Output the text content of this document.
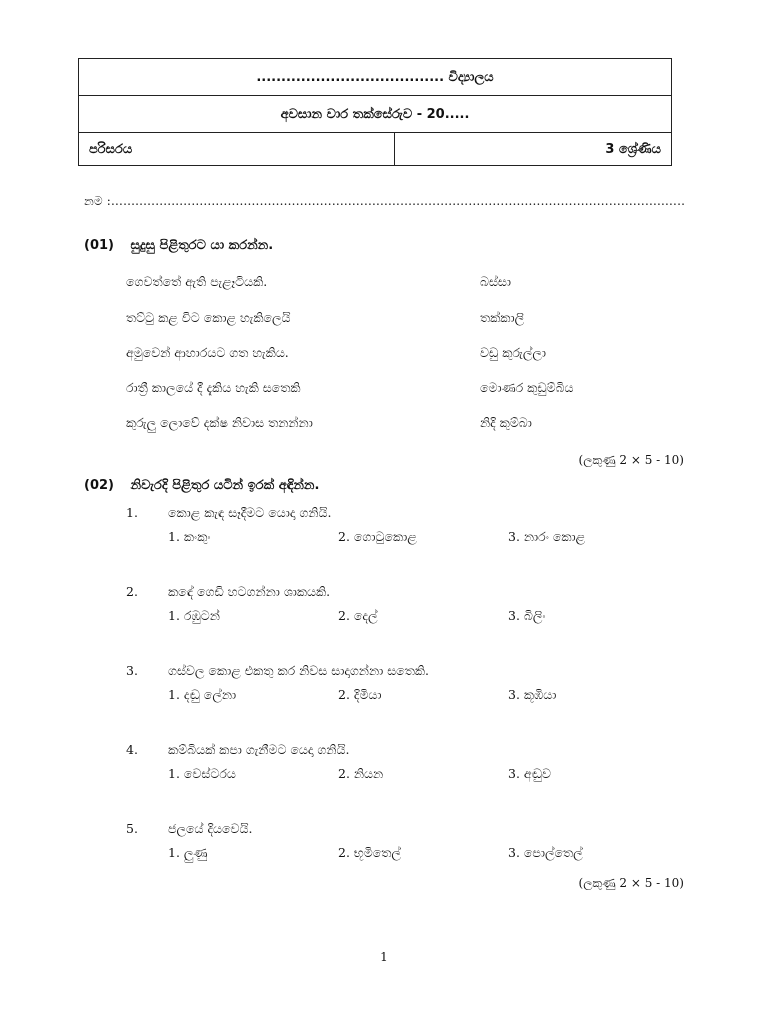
...................................... විද්‍යාලය
අවසාන වාර තක්සේරුව - 20.....
පරිසරය	3 ශ්‍රේණිය
නම :...............................................................................................................................................
(01) සුදුසු පිළිතුරට යා කරන්න.
ගෙවත්තේ ඇති පැළෑටියකි.	බස්සා
තට්ටු කළ විට කොළ හැකිලෙයි	තක්කාලි
අමුවෙන් ආහාරයට ගත හැකිය.	වඩු කුරුල්ලා
රාත්‍රී කාලයේ දී දැකිය හැකි සතෙකි	මොණර කුඩුම්බිය
කුරුලු ලොවේ දක්ෂ නිවාස තනන්නා	නිදි කුම්බා
(ලකුණු 2 × 5 - 10)
(02) නිවැරදි පිළිතුර යටින් ඉරක් අඳින්න.
1. කොළ කැඳ සෑදීමට යොදා ගනියි.
1. කංකුං	2. ගොටුකොළ	3. නාරං කොළ
2. කඳේ ගෙඩි හටගන්නා ශාකයකි.
1. රඹුටන්	2. දෙල්	3. බිලිං
3. ගස්වල කොළ එකතු කර නිවස සාදාගන්නා සතෙකි.
1. දඬු ලේනා	2. දිමියා	3. කූඹියා
4. කම්බියක් කපා ගැනීමට යෙදා ගනියි.
1. වෙස්ටරය	2. නියන	3. අඬුව
5. ජලයේ දියවෙයි.
1. ලුණු	2. භූමිතෙල්	3. පොල්තෙල්
(ලකුණු 2 × 5 - 10)
1
